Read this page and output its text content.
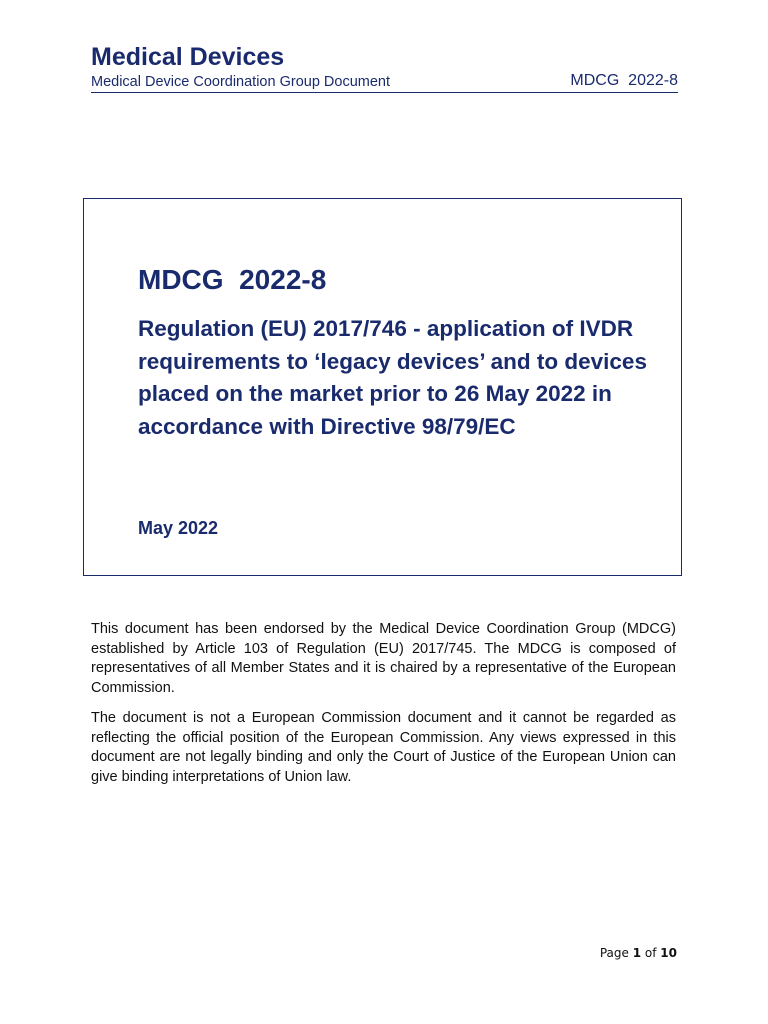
Medical Devices
Medical Device Coordination Group Document	MDCG  2022-8
MDCG  2022-8
Regulation (EU) 2017/746 - application of IVDR requirements to ‘legacy devices’ and to devices placed on the market prior to 26 May 2022 in accordance with Directive 98/79/EC
May 2022

This document has been endorsed by the Medical Device Coordination Group (MDCG) established by Article 103 of Regulation (EU) 2017/745. The MDCG is composed of representatives of all Member States and it is chaired by a representative of the European Commission.

The document is not a European Commission document and it cannot be regarded as reflecting the official position of the European Commission. Any views expressed in this document are not legally binding and only the Court of Justice of the European Union can give binding interpretations of Union law.

Page 1 of 10
